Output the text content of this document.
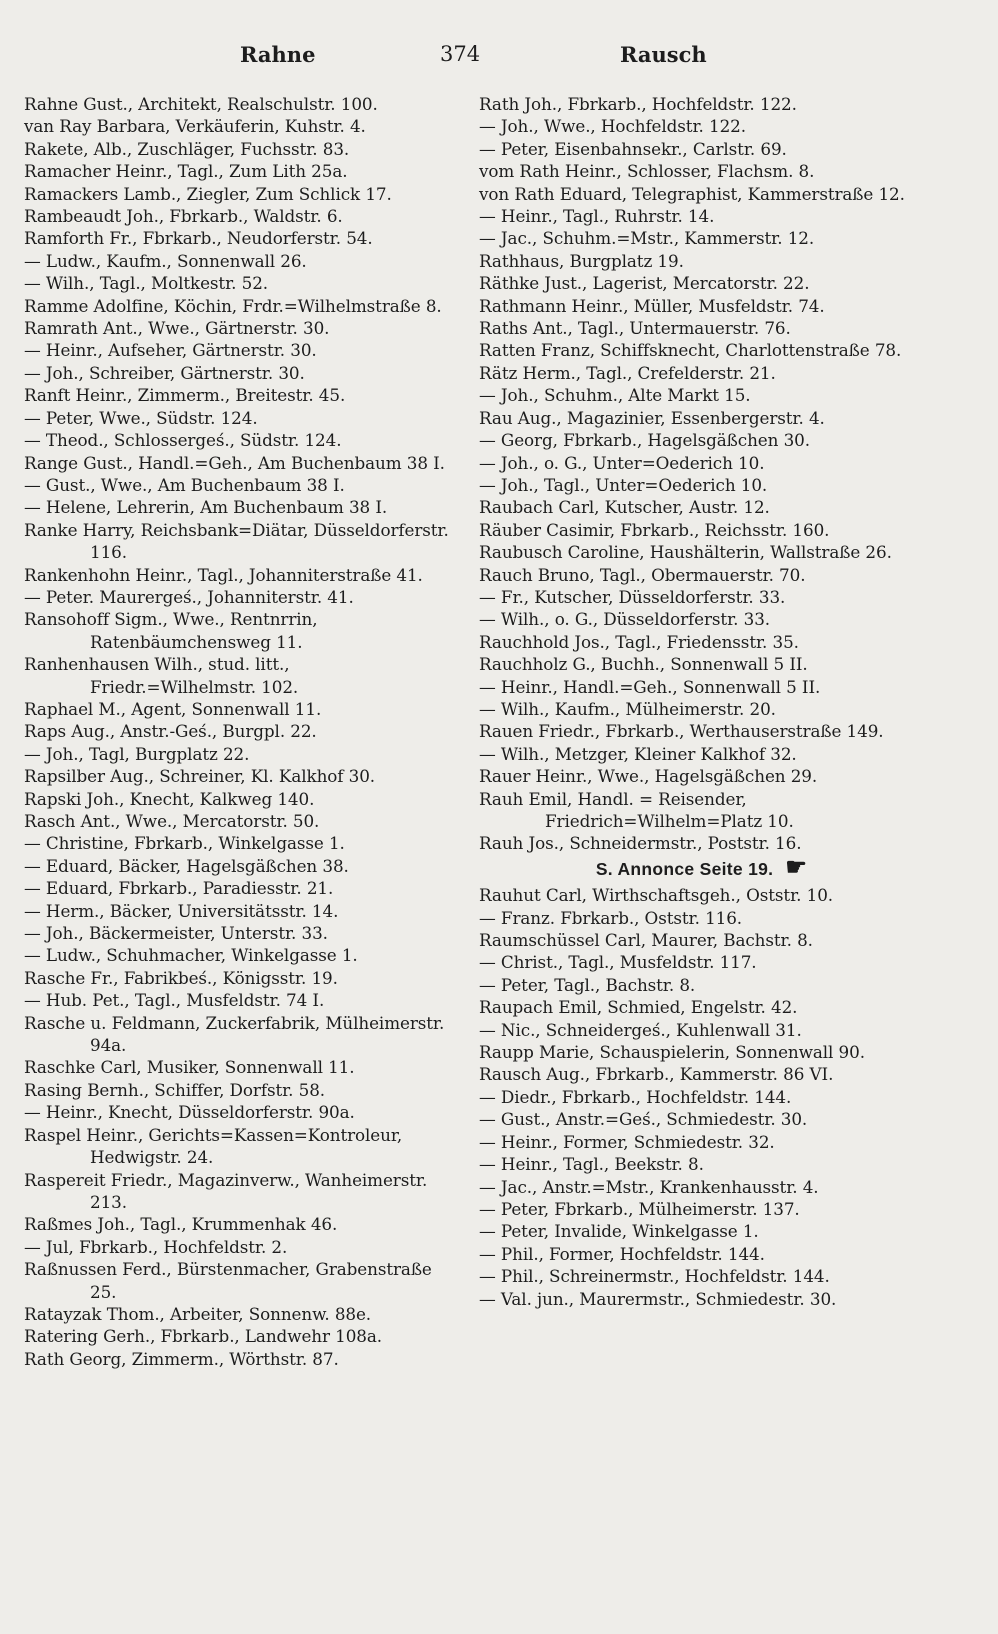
Rahne	374	Rausch
Rahne Gust., Architekt, Realschulstr. 100.
van Ray Barbara, Verkäuferin, Kuhstr. 4.
Rakete, Alb., Zuschläger, Fuchsstr. 83.
Ramacher Heinr., Tagl., Zum Lith 25a.
Ramackers Lamb., Ziegler, Zum Schlick 17.
Rambeaudt Joh., Fbrkarb., Waldstr. 6.
Ramforth Fr., Fbrkarb., Neudorferstr. 54.
— Ludw., Kaufm., Sonnenwall 26.
— Wilh., Tagl., Moltkestr. 52.
Ramme Adolfine, Köchin, Frdr.=Wilhelmstraße 8.
Ramrath Ant., Wwe., Gärtnerstr. 30.
— Heinr., Aufseher, Gärtnerstr. 30.
— Joh., Schreiber, Gärtnerstr. 30.
Ranft Heinr., Zimmerm., Breitestr. 45.
— Peter, Wwe., Südstr. 124.
— Theod., Schlossergeś., Südstr. 124.
Range Gust., Handl.=Geh., Am Buchenbaum 38 I.
— Gust., Wwe., Am Buchenbaum 38 I.
— Helene, Lehrerin, Am Buchenbaum 38 I.
Ranke Harry, Reichsbank=Diätar, Düsseldorferstr. 116.
Rankenhohn Heinr., Tagl., Johanniterstraße 41.
— Peter. Maurergeś., Johanniterstr. 41.
Ransohoff Sigm., Wwe., Rentnrrin, Ratenbäumchensweg 11.
Ranhenhausen Wilh., stud. litt., Friedr.=Wilhelmstr. 102.
Raphael M., Agent, Sonnenwall 11.
Raps Aug., Anstr.-Geś., Burgpl. 22.
— Joh., Tagl, Burgplatz 22.
Rapsilber Aug., Schreiner, Kl. Kalkhof 30.
Rapski Joh., Knecht, Kalkweg 140.
Rasch Ant., Wwe., Mercatorstr. 50.
— Christine, Fbrkarb., Winkelgasse 1.
— Eduard, Bäcker, Hagelsgäßchen 38.
— Eduard, Fbrkarb., Paradiesstr. 21.
— Herm., Bäcker, Universitätsstr. 14.
— Joh., Bäckermeister, Unterstr. 33.
— Ludw., Schuhmacher, Winkelgasse 1.
Rasche Fr., Fabrikbeś., Königsstr. 19.
— Hub. Pet., Tagl., Musfeldstr. 74 I.
Rasche u. Feldmann, Zuckerfabrik, Mülheimerstr. 94a.
Raschke Carl, Musiker, Sonnenwall 11.
Rasing Bernh., Schiffer, Dorfstr. 58.
— Heinr., Knecht, Düsseldorferstr. 90a.
Raspel Heinr., Gerichts=Kassen=Kontroleur, Hedwigstr. 24.
Raspereit Friedr., Magazinverw., Wanheimerstr. 213.
Raßmes Joh., Tagl., Krummenhak 46.
— Jul, Fbrkarb., Hochfeldstr. 2.
Raßnussen Ferd., Bürstenmacher, Grabenstraße 25.
Ratayzak Thom., Arbeiter, Sonnenw. 88e.
Ratering Gerh., Fbrkarb., Landwehr 108a.
Rath Georg, Zimmerm., Wörthstr. 87.
Rath Joh., Fbrkarb., Hochfeldstr. 122.
— Joh., Wwe., Hochfeldstr. 122.
— Peter, Eisenbahnsekr., Carlstr. 69.
vom Rath Heinr., Schlosser, Flachsm. 8.
von Rath Eduard, Telegraphist, Kammerstraße 12.
— Heinr., Tagl., Ruhrstr. 14.
— Jac., Schuhm.=Mstr., Kammerstr. 12.
Rathhaus, Burgplatz 19.
Räthke Just., Lagerist, Mercatorstr. 22.
Rathmann Heinr., Müller, Musfeldstr. 74.
Raths Ant., Tagl., Untermauerstr. 76.
Ratten Franz, Schiffsknecht, Charlottenstraße 78.
Rätz Herm., Tagl., Crefelderstr. 21.
— Joh., Schuhm., Alte Markt 15.
Rau Aug., Magazinier, Essenbergerstr. 4.
— Georg, Fbrkarb., Hagelsgäßchen 30.
— Joh., o. G., Unter=Oederich 10.
— Joh., Tagl., Unter=Oederich 10.
Raubach Carl, Kutscher, Austr. 12.
Räuber Casimir, Fbrkarb., Reichsstr. 160.
Raubusch Caroline, Haushälterin, Wallstraße 26.
Rauch Bruno, Tagl., Obermauerstr. 70.
— Fr., Kutscher, Düsseldorferstr. 33.
— Wilh., o. G., Düsseldorferstr. 33.
Rauchhold Jos., Tagl., Friedensstr. 35.
Rauchholz G., Buchh., Sonnenwall 5 II.
— Heinr., Handl.=Geh., Sonnenwall 5 II.
— Wilh., Kaufm., Mülheimerstr. 20.
Rauen Friedr., Fbrkarb., Werthauserstraße 149.
— Wilh., Metzger, Kleiner Kalkhof 32.
Rauer Heinr., Wwe., Hagelsgäßchen 29.
Rauh Emil, Handl. = Reisender, Friedrich=Wilhelm=Platz 10.
Rauh Jos., Schneidermstr., Poststr. 16.
S. Annonce Seite 19. ☛
Rauhut Carl, Wirthschaftsgeh., Oststr. 10.
— Franz. Fbrkarb., Oststr. 116.
Raumschüssel Carl, Maurer, Bachstr. 8.
— Christ., Tagl., Musfeldstr. 117.
— Peter, Tagl., Bachstr. 8.
Raupach Emil, Schmied, Engelstr. 42.
— Nic., Schneidergeś., Kuhlenwall 31.
Raupp Marie, Schauspielerin, Sonnenwall 90.
Rausch Aug., Fbrkarb., Kammerstr. 86 VI.
— Diedr., Fbrkarb., Hochfeldstr. 144.
— Gust., Anstr.=Geś., Schmiedestr. 30.
— Heinr., Former, Schmiedestr. 32.
— Heinr., Tagl., Beekstr. 8.
— Jac., Anstr.=Mstr., Krankenhausstr. 4.
— Peter, Fbrkarb., Mülheimerstr. 137.
— Peter, Invalide, Winkelgasse 1.
— Phil., Former, Hochfeldstr. 144.
— Phil., Schreinermstr., Hochfeldstr. 144.
— Val. jun., Maurermstr., Schmiedestr. 30.
